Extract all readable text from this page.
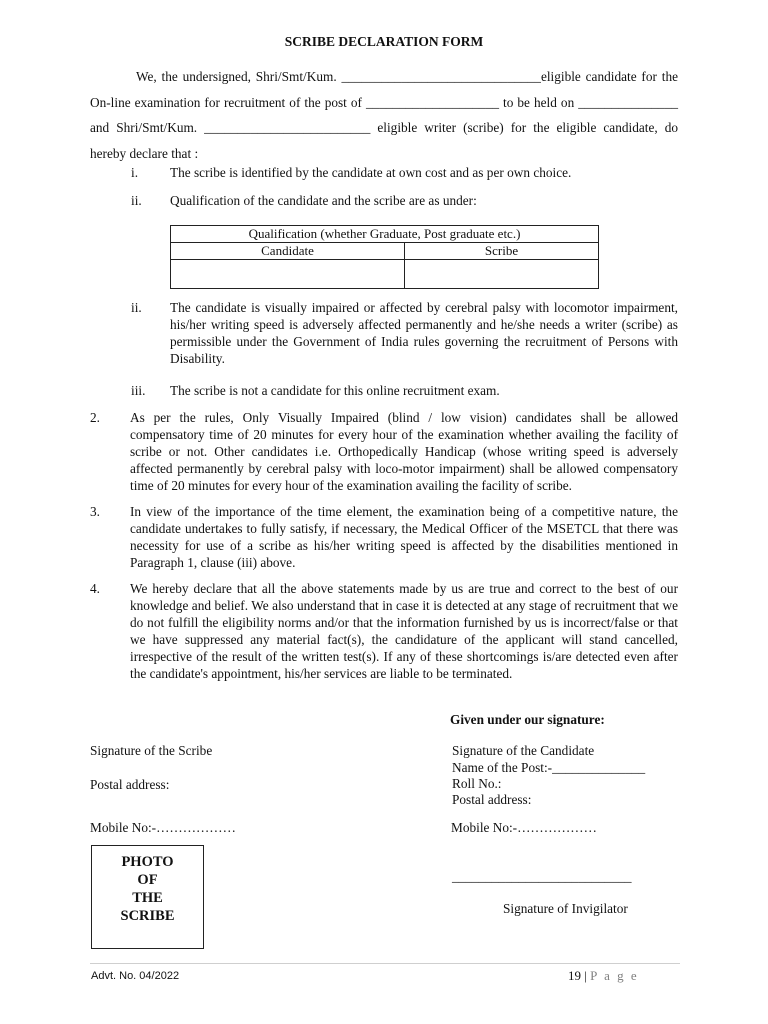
SCRIBE DECLARATION FORM
We, the undersigned, Shri/Smt/Kum. ______________________________eligible candidate for the On-line examination for recruitment of the post of ____________________ to be held on _______________ and Shri/Smt/Kum. _________________________ eligible writer (scribe) for the eligible candidate, do hereby declare that :
i.	The scribe is identified by the candidate at own cost and as per own choice.
ii.	Qualification of the candidate and the scribe are as under:
Qualification (whether Graduate, Post graduate etc.)	
Candidate	Scribe

ii.	The candidate is visually impaired or affected by cerebral palsy with locomotor impairment, his/her writing speed is adversely affected permanently and he/she needs a writer (scribe) as permissible under the Government of India rules governing the recruitment of Persons with Disability.
iii.	The scribe is not a candidate for this online recruitment exam.
2.	As per the rules, Only Visually Impaired (blind / low vision) candidates shall be allowed compensatory time of 20 minutes for every hour of the examination whether availing the facility of scribe or not. Other candidates i.e. Orthopedically Handicap (whose writing speed is adversely affected permanently by cerebral palsy with loco-motor impairment) shall be allowed compensatory time of 20 minutes for every hour of the examination availing the facility of scribe.
3.	In view of the importance of the time element, the examination being of a competitive nature, the candidate undertakes to fully satisfy, if necessary, the Medical Officer of the MSETCL that there was necessity for use of a scribe as his/her writing speed is affected by the disabilities mentioned in Paragraph 1, clause (iii) above.
4.	We hereby declare that all the above statements made by us are true and correct to the best of our knowledge and belief. We also understand that in case it is detected at any stage of recruitment that we do not fulfill the eligibility norms and/or that the information furnished by us is incorrect/false or that we have suppressed any material fact(s), the candidature of the applicant will stand cancelled, irrespective of the result of the written test(s). If any of these shortcomings is/are detected even after the candidate's appointment, his/her services are liable to be terminated.
Given under our signature:
Signature of the Scribe
Postal address:
Mobile No:-………………
Signature of the Candidate
Name of the Post:-______________
Roll No.:
Postal address:
Mobile No:-………………
PHOTO
OF
THE
SCRIBE
___________________________
Signature of Invigilator
Advt. No. 04/2022	19 | P a g e
